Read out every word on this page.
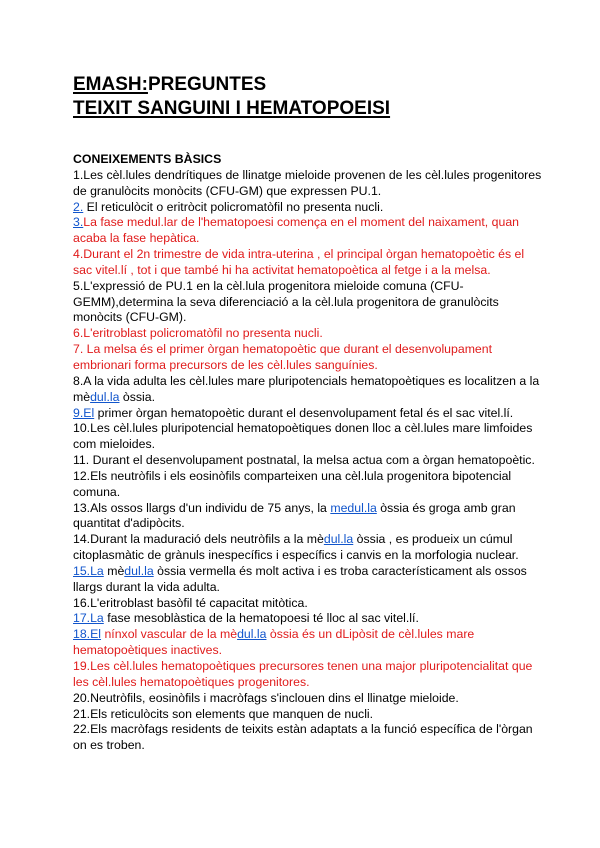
EMASH:PREGUNTES
TEIXIT SANGUINI I HEMATOPOEISI
CONEIXEMENTS BÀSICS

1.Les cèl.lules dendrítiques de llinatge mieloide provenen de les cèl.lules progenitores de granulòcits monòcits (CFU-GM) que expressen PU.1.

2. El reticulòcit o eritròcit policromatòfil no presenta nucli.

3.La fase medul.lar de l'hematopoesi comença en el moment del naixament, quan acaba la fase hepàtica.

4.Durant el 2n trimestre de vida intra-uterina , el principal òrgan hematopoètic és el sac vitel.lí , tot i que també hi ha activitat hematopoètica al fetge i a la melsa.

5.L'expressió de PU.1 en la cèl.lula progenitora mieloide comuna (CFU-GEMM),determina la seva diferenciació a la cèl.lula progenitora de granulòcits monòcits (CFU-GM).

6.L'eritroblast policromatòfil no presenta nucli.

7. La melsa és el primer òrgan hematopoètic que durant el desenvolupament embrionari forma precursors de les cèl.lules sanguínies.

8.A la vida adulta les cèl.lules mare pluripotencials hematopoètiques es localitzen a la mèdul.la òssia.

9.El primer òrgan hematopoètic durant el desenvolupament fetal és el sac vitel.lí.

10.Les cèl.lules pluripotencial hematopoètiques donen lloc a cèl.lules mare limfoides com mieloides.

11. Durant el desenvolupament postnatal, la melsa actua com a òrgan hematopoètic.

12.Els neutròfils i els eosinòfils comparteixen una cèl.lula progenitora bipotencial comuna.

13.Als ossos llargs d'un individu de 75 anys, la medul.la òssia és groga amb gran quantitat d'adipòcits.

14.Durant la maduració dels neutròfils a la mèdul.la òssia , es produeix un cúmul citoplasmàtic de grànuls inespecífics i específics i canvis en la morfologia nuclear.

15.La mèdul.la òssia vermella és molt activa i es troba característicament als ossos llargs durant la vida adulta.

16.L'eritroblast basòfil té capacitat mitòtica.

17.La fase mesoblàstica de la hematopoesi té lloc al sac vitel.lí.

18.El nínxol vascular de la mèdul.la òssia és un dLipòsit de cèl.lules mare hematopoètiques inactives.

19.Les cèl.lules hematopoètiques precursores tenen una major pluripotencialitat que les cèl.lules hematopoètiques progenitores.

20.Neutròfils, eosinòfils i macròfags s'inclouen dins el llinatge mieloide.

21.Els reticulòcits son elements que manquen de nucli.

22.Els macròfags residents de teixits estàn adaptats a la funció específica de l'òrgan on es troben.
